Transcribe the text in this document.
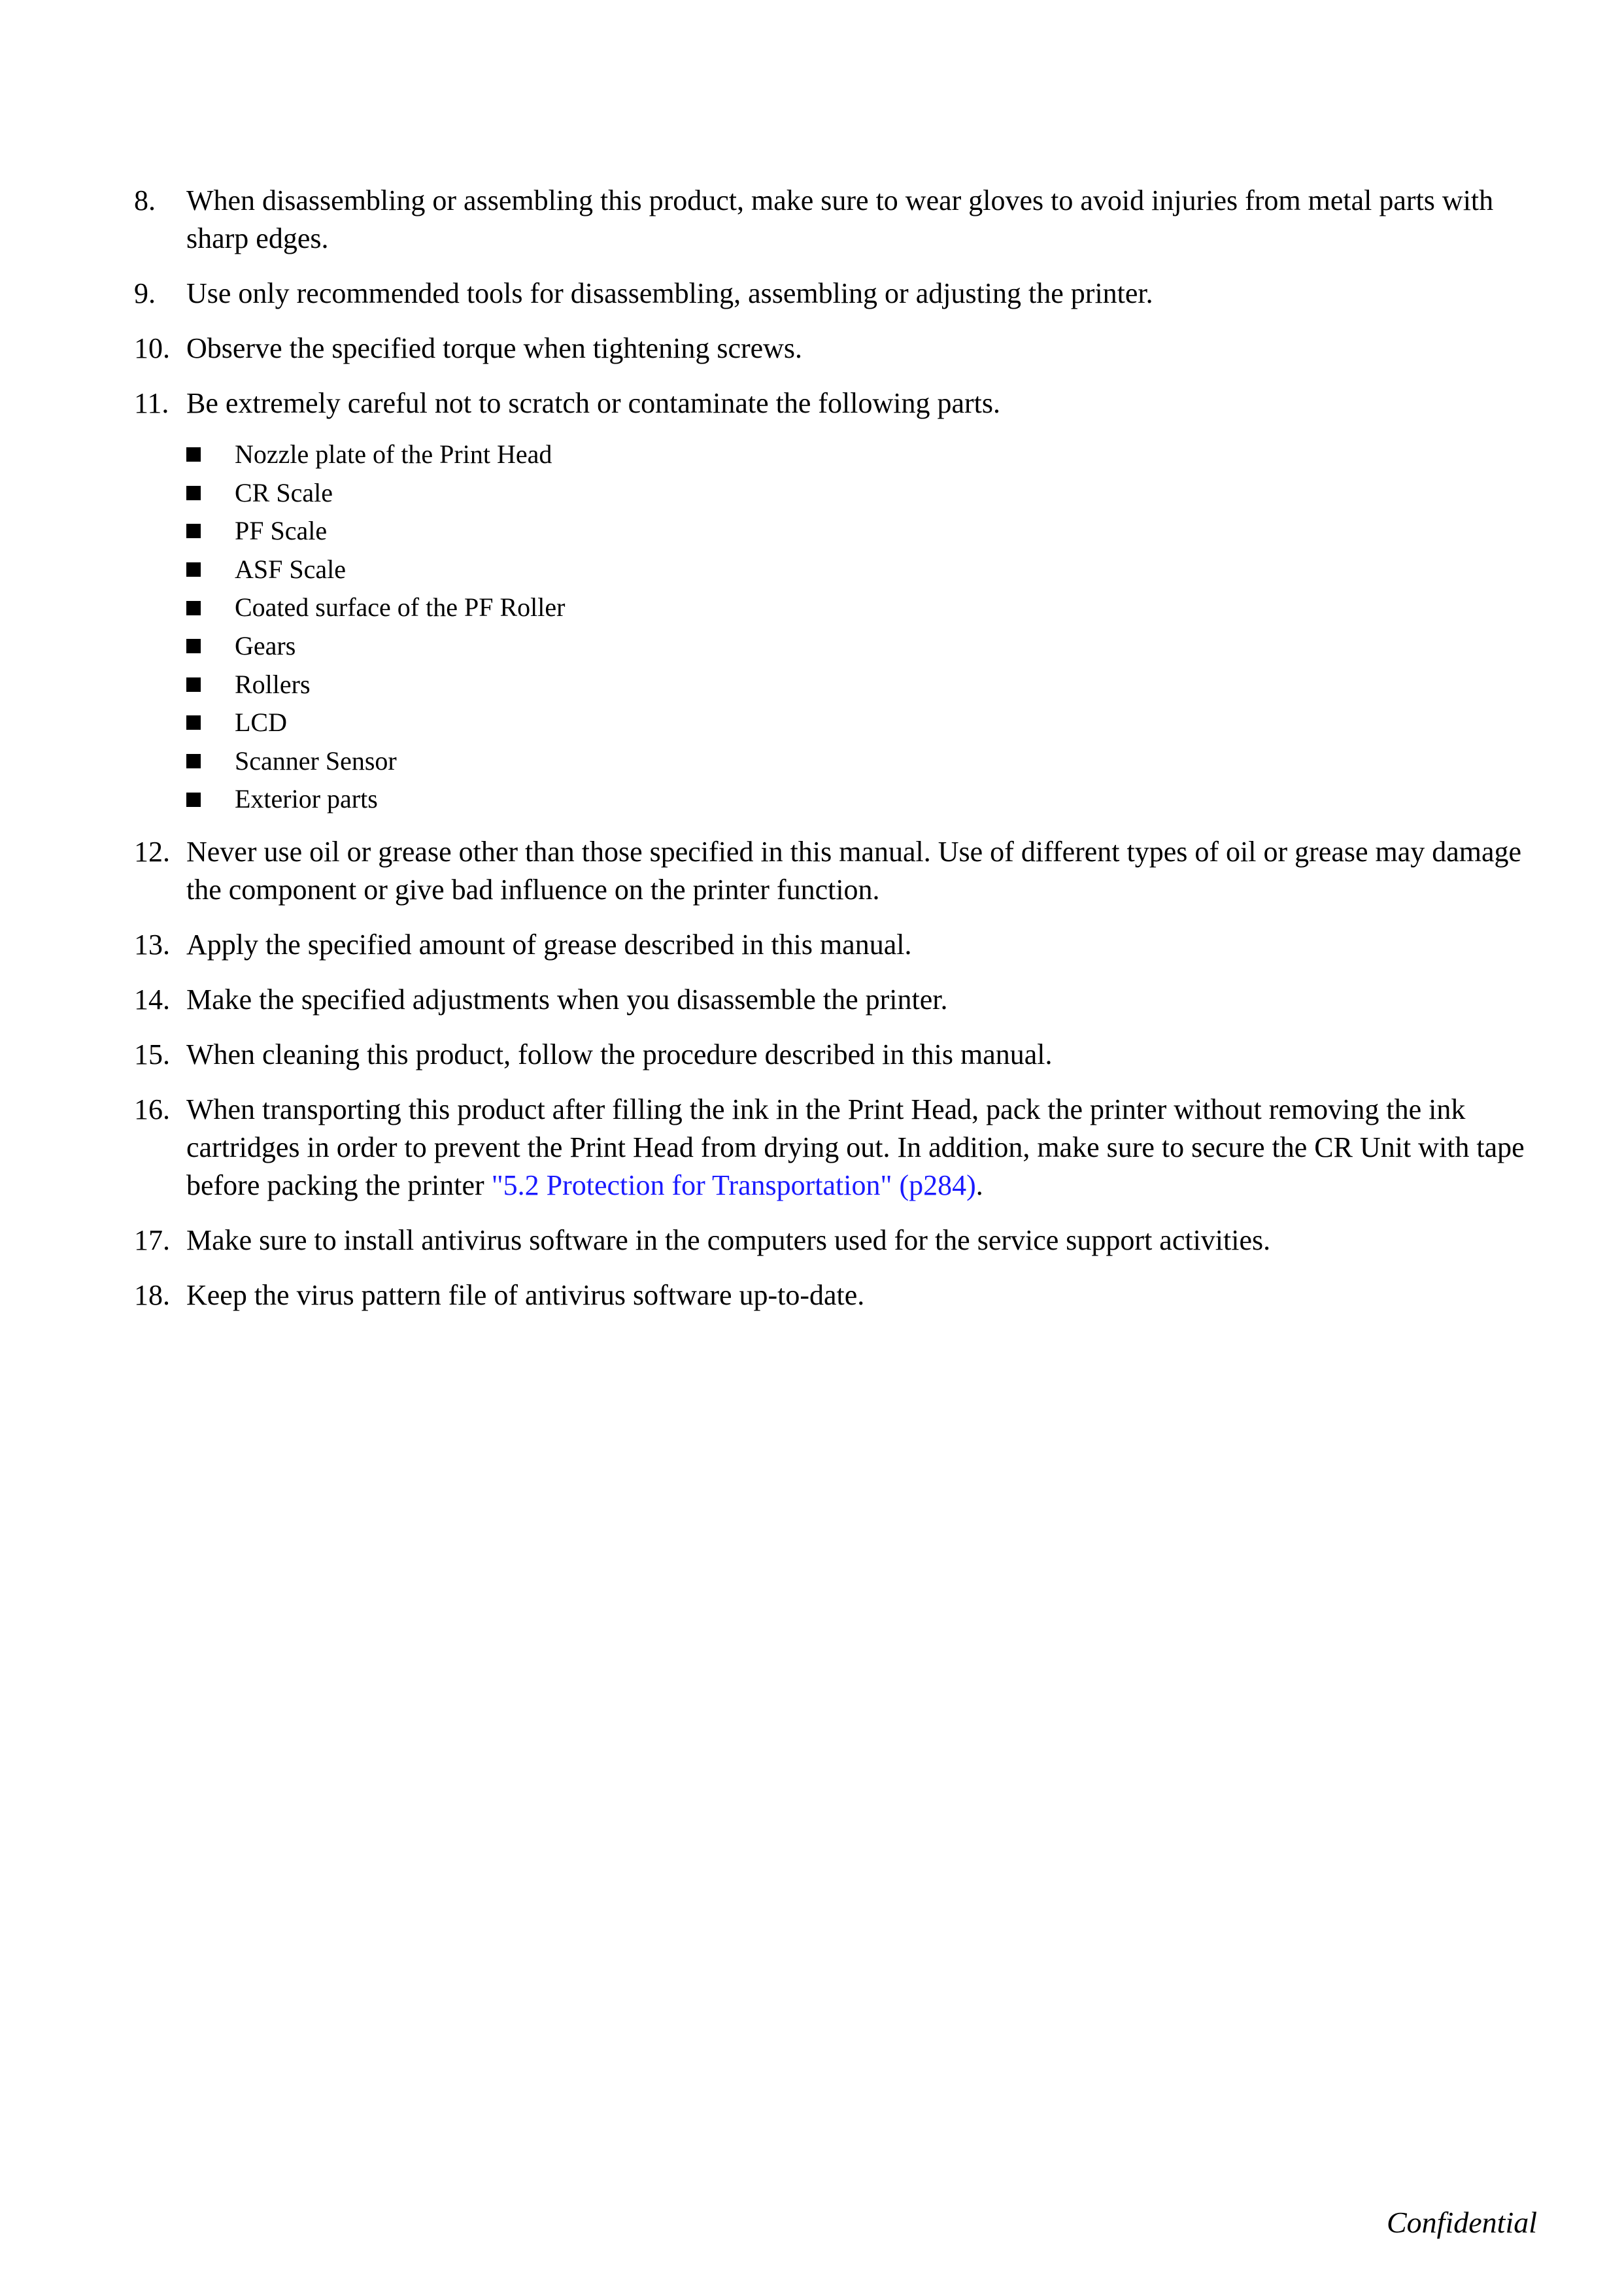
8.	When disassembling or assembling this product, make sure to wear gloves to avoid injuries from metal parts with sharp edges.
9.	Use only recommended tools for disassembling, assembling or adjusting the printer.
10. Observe the specified torque when tightening screws.
11. Be extremely careful not to scratch or contaminate the following parts.
Nozzle plate of the Print Head
CR Scale
PF Scale
ASF Scale
Coated surface of the PF Roller
Gears
Rollers
LCD
Scanner Sensor
Exterior parts
12. Never use oil or grease other than those specified in this manual. Use of different types of oil or grease may damage the component or give bad influence on the printer function.
13. Apply the specified amount of grease described in this manual.
14. Make the specified adjustments when you disassemble the printer.
15. When cleaning this product, follow the procedure described in this manual.
16. When transporting this product after filling the ink in the Print Head, pack the printer without removing the ink cartridges in order to prevent the Print Head from drying out. In addition, make sure to secure the CR Unit with tape before packing the printer "5.2 Protection for Transportation" (p284).
17. Make sure to install antivirus software in the computers used for the service support activities.
18. Keep the virus pattern file of antivirus software up-to-date.
Confidential
